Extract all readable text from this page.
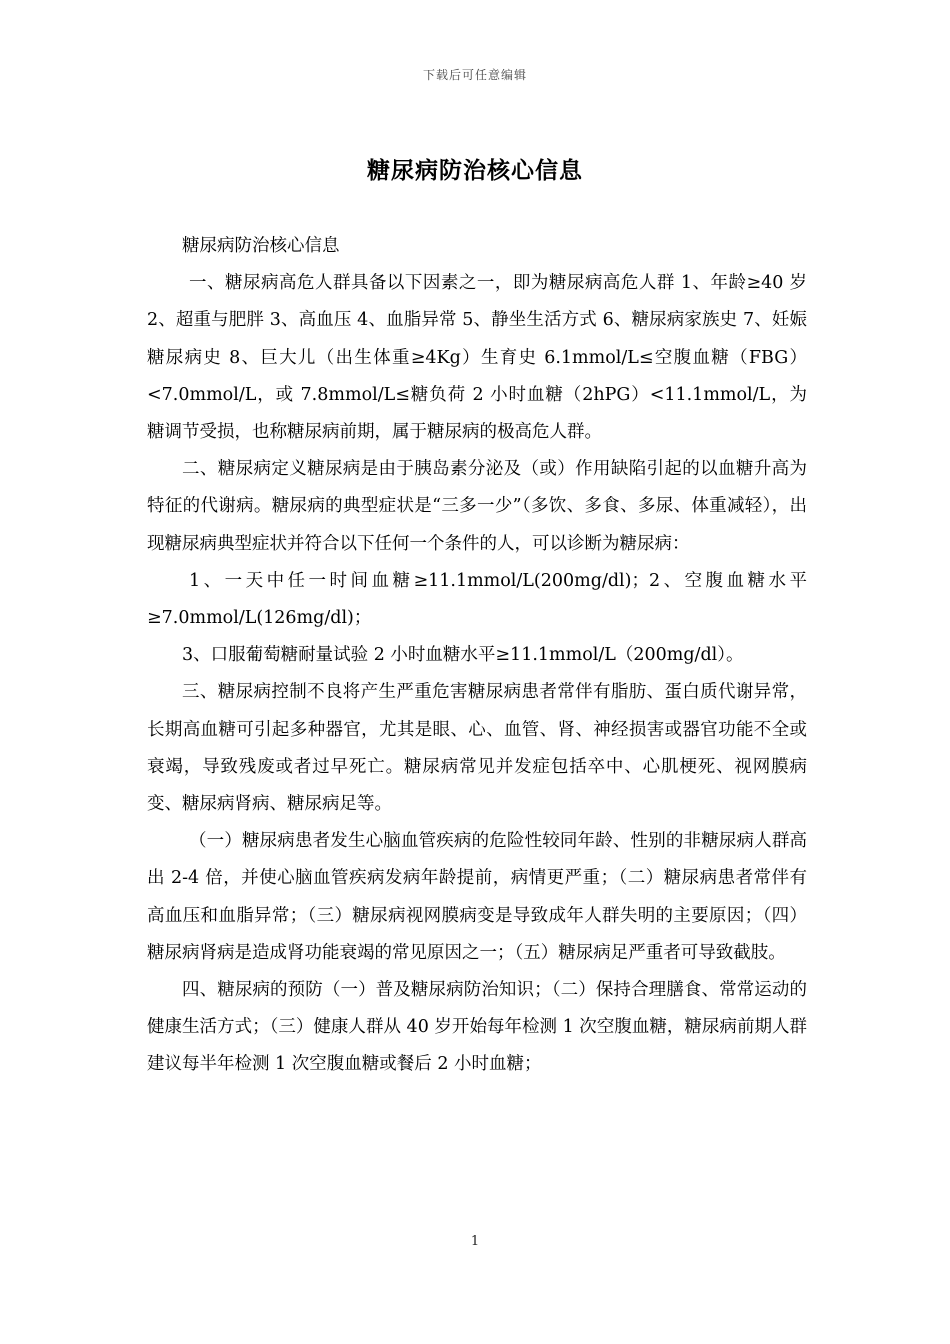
下载后可任意编辑
糖尿病防治核心信息

糖尿病防治核心信息

一、糖尿病高危人群具备以下因素之一，即为糖尿病高危人群 1、年龄≥40 岁 2、超重与肥胖 3、高血压 4、血脂异常 5、静坐生活方式 6、糖尿病家族史 7、妊娠糖尿病史 8、巨大儿（出生体重≥4Kg）生育史 6.1mmol/L≤空腹血糖（FBG）<7.0mmol/L，或 7.8mmol/L≤糖负荷 2 小时血糖（2hPG）<11.1mmol/L，为糖调节受损，也称糖尿病前期，属于糖尿病的极高危人群。

二、糖尿病定义糖尿病是由于胰岛素分泌及（或）作用缺陷引起的以血糖升高为特征的代谢病。糖尿病的典型症状是“三多一少”（多饮、多食、多尿、体重减轻），出现糖尿病典型症状并符合以下任何一个条件的人，可以诊断为糖尿病：

1、一天中任一时间血糖≥11.1mmol/L(200mg/dl)；2、空腹血糖水平≥7.0mmol/L(126mg/dl)；

3、口服葡萄糖耐量试验 2 小时血糖水平≥11.1mmol/L（200mg/dl）。

三、糖尿病控制不良将产生严重危害糖尿病患者常伴有脂肪、蛋白质代谢异常，长期高血糖可引起多种器官，尤其是眼、心、血管、肾、神经损害或器官功能不全或衰竭，导致残废或者过早死亡。糖尿病常见并发症包括卒中、心肌梗死、视网膜病变、糖尿病肾病、糖尿病足等。

（一）糖尿病患者发生心脑血管疾病的危险性较同年龄、性别的非糖尿病人群高出 2-4 倍，并使心脑血管疾病发病年龄提前，病情更严重；（二）糖尿病患者常伴有高血压和血脂异常；（三）糖尿病视网膜病变是导致成年人群失明的主要原因；（四）糖尿病肾病是造成肾功能衰竭的常见原因之一；（五）糖尿病足严重者可导致截肢。

四、糖尿病的预防（一）普及糖尿病防治知识；（二）保持合理膳食、常常运动的健康生活方式；（三）健康人群从 40 岁开始每年检测 1 次空腹血糖，糖尿病前期人群建议每半年检测 1 次空腹血糖或餐后 2 小时血糖；

1
